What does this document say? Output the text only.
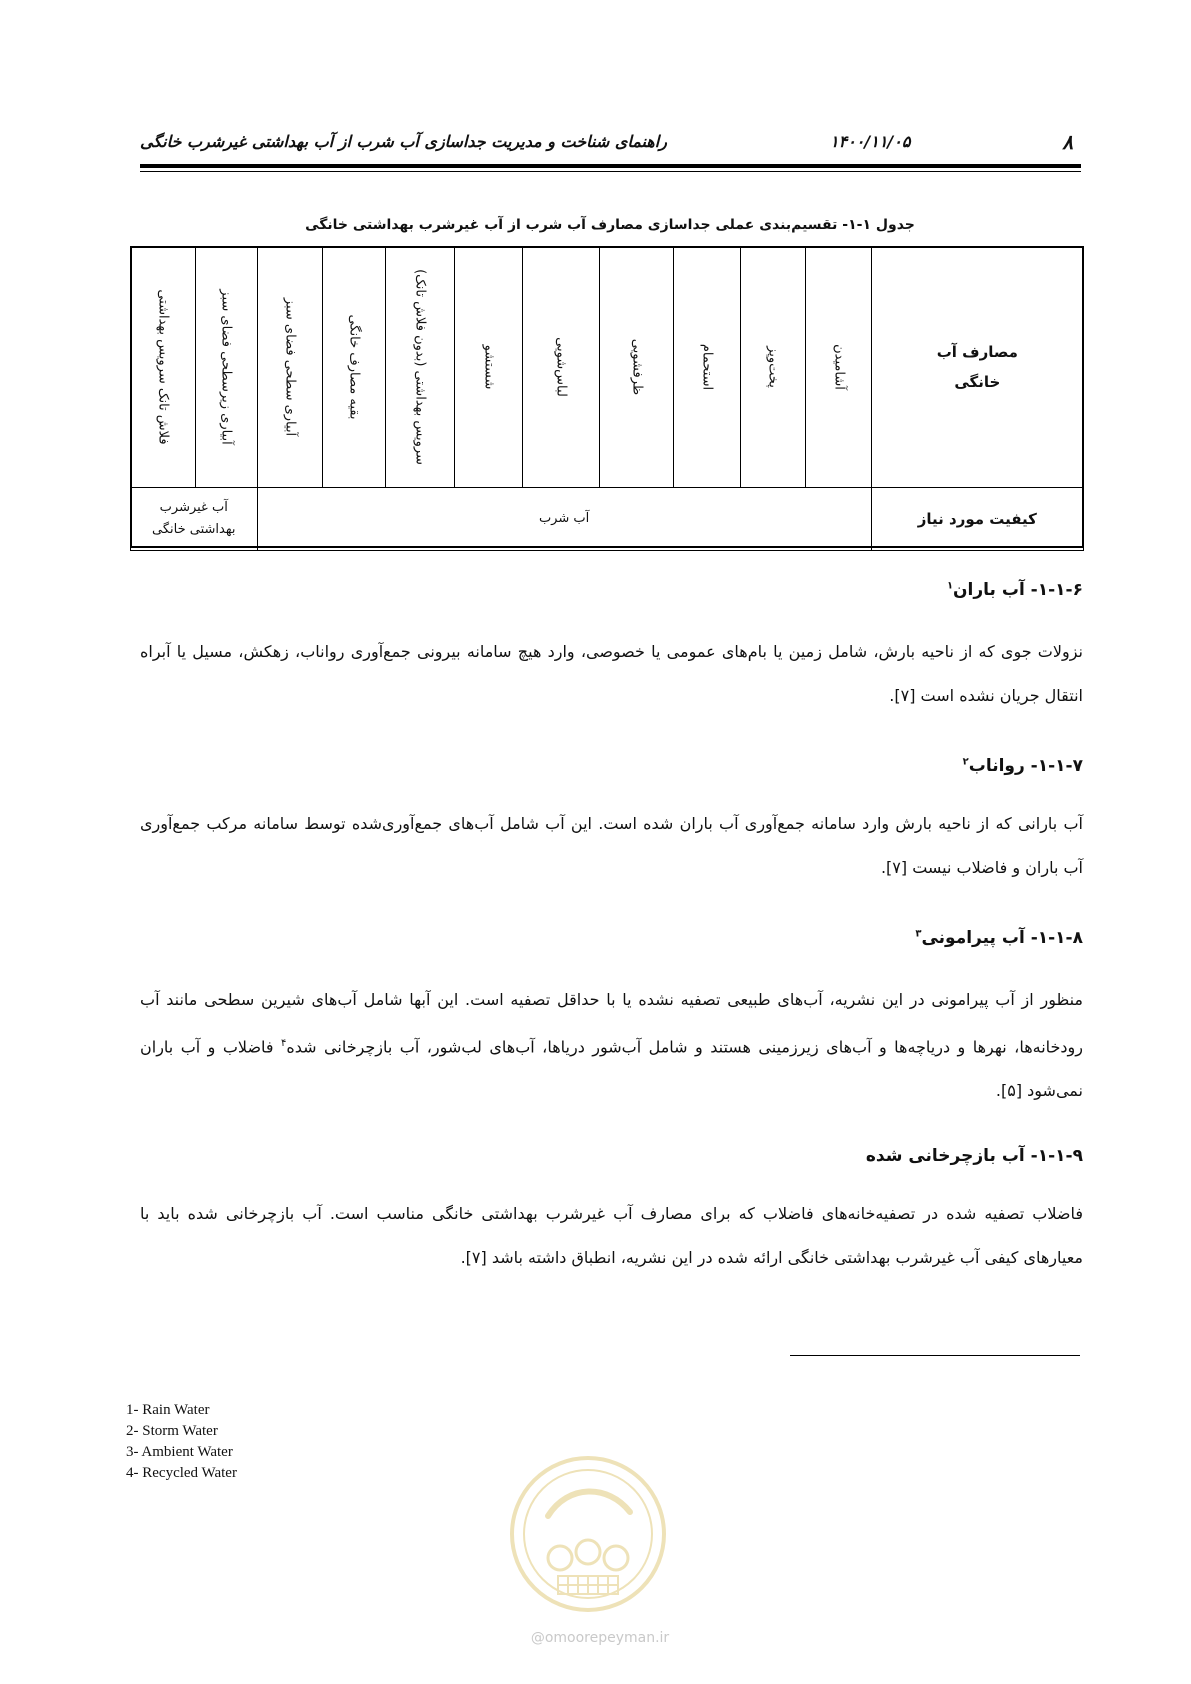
۸
۱۴۰۰/۱۱/۰۵
راهنمای شناخت و مدیریت جداسازی آب شرب از آب بهداشتی غیرشرب خانگی
جدول ۱-۱- تقسیم‌بندی عملی جداسازی مصارف آب شرب از آب غیرشرب بهداشتی خانگی
فلاش تانک سرویس بهداشتی	آبیاری زیرسطحی فضای سبز	آبیاری سطحی فضای سبز	بقیه مصارف خانگی	سرویس بهداشتی (بدون فلاش تانک)	شستشو	لباس‌شویی	ظرفشویی	استحمام	پخت‌وپز	آشامیدن	مصارف آب خانگی
آب غیرشرب بهداشتی خانگی		آب شرب									کیفیت مورد نیاز
۱-۱-۶- آب باران$^۱$
نزولات جوی که از ناحیه بارش، شامل زمین یا بام‌های عمومی یا خصوصی، وارد هیچ سامانه بیرونی جمع‌آوری رواناب، زهکش، مسیل یا آبراه انتقال جریان نشده است [۷].
۱-۱-۷- رواناب$^۲$
آب بارانی که از ناحیه بارش وارد سامانه جمع‌آوری آب باران شده است. این آب شامل آب‌های جمع‌آوری‌شده توسط سامانه مرکب جمع‌آوری آب باران و فاضلاب نیست [۷].
۱-۱-۸- آب پیرامونی$^۳$
منظور از آب پیرامونی در این نشریه، آب‌های طبیعی تصفیه نشده یا با حداقل تصفیه است. این آبها شامل آب‌های شیرین سطحی مانند آب رودخانه‌ها، نهرها و دریاچه‌ها و آب‌های زیرزمینی هستند و شامل آب‌شور دریاها، آب‌های لب‌شور، آب بازچرخانی شده$^۴$ فاضلاب و آب باران نمی‌شود [۵].
۱-۱-۹- آب بازچرخانی شده
فاضلاب تصفیه شده در تصفیه‌خانه‌های فاضلاب که برای مصارف آب غیرشرب بهداشتی خانگی مناسب است. آب بازچرخانی شده باید با معیارهای کیفی آب غیرشرب بهداشتی خانگی ارائه شده در این نشریه، انطباق داشته باشد [۷].
1- Rain Water
2- Storm Water
3- Ambient Water
4- Recycled Water
@omoorepeyman.ir
